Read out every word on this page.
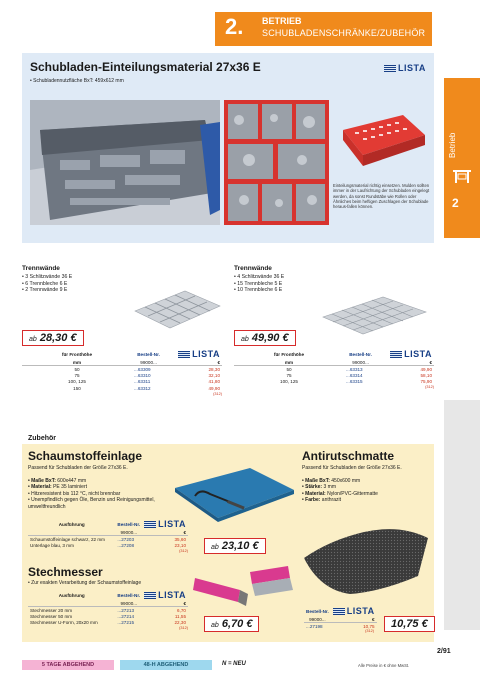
2. BETRIEB
SCHUBLADENSCHRÄNKE/ZUBEHÖR
Betrieb
2
Schubladen-Einteilungsmaterial 27x36 E	LISTA
• Schubladennutzfläche BxT: 459x612 mm
Einteilungsmaterial richtig einsetzen. Mulden sollten immer in der Laufrichtung der Schubladen eingelegt werden, da sonst Rundstäbe wie Rollen oder Ähnliches beim heftigen Zuschlagen der Schublade heraus-fallen können.
Trennwände
• 3 Schlitzwände 36 E
• 6 Trennbleche 6 E
• 2 Trennwände 9 E
ab 28,30 €
für Fronthöhe	Bestell-Nr.	LISTA
mm	99000...	€
50	...63309	28,30
75	...63310	32,10
100, 125	...63311	41,80
150	...63312	49,90
(312)
Trennwände
• 4 Schlitzwände 36 E
• 15 Trennbleche 5 E
• 10 Trennbleche 6 E
ab 49,90 €
für Fronthöhe	Bestell-Nr.	LISTA
mm	99000...	€
50	...63313	49,90
75	...63314	58,10
100, 125	...63315	75,90
(312)
Zubehör
Schaumstoffeinlage
Passend für Schubladen der Größe 27x36 E.
• Maße BxT: 600x447 mm
• Material: PE 35 laminiert
• Hitzeresistent bis 112 °C, nicht brennbar
• Unempfindlich gegen Öle, Benzin und Reinigungsmittel,
umweltfreundlich
Ausführung	Bestell-Nr.	LISTA
	99000...	€
Schaumstoffeinlage schwarz, 22 mm	...27203	35,60
Unterlage blau, 3 mm	...27208	23,10
(312)	ab 23,10 €
Stechmesser
• Zur exakten Verarbeitung der Schaumstoffeinlage
Ausführung	Bestell-Nr.	LISTA
	99000...	€
Stechmesser 20 mm	...27213	6,70
Stechmesser 50 mm	...27214	11,55
Stechmesser U-Form, 20x20 mm	...27215	22,30
(312)	ab 6,70 €
Antirutschmatte
Passend für Schubladen der Größe 27x36 E.
• Maße BxT: 450x600 mm
• Stärke: 3 mm
• Material: Nylon/PVC-Gittermatte
• Farbe: anthrazit
Bestell-Nr.	LISTA
99000...	€
...27198	10,75
(312)
10,75 €
5 TAGE ABGEHEND	48-H ABGEHEND	N = NEU	Alle Preise in € ohne MwSt.
2/91
